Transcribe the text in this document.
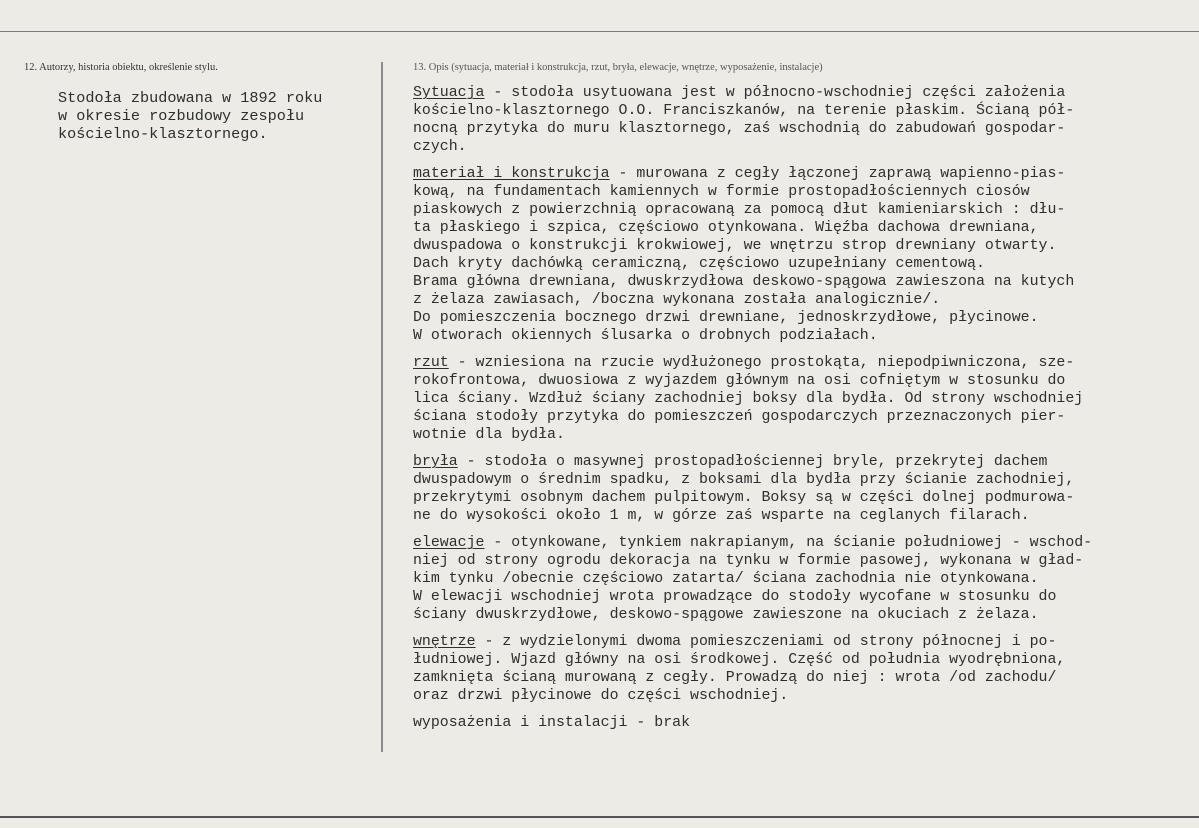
12. Autorzy, historia obiektu, określenie stylu.	13. Opis (sytuacja, materiał i konstrukcja, rzut, bryła, elewacje, wnętrze, wyposażenie, instalacje)
Stodoła zbudowana w 1892 roku
w okresie rozbudowy zespołu
kościelno-klasztornego.
Sytuacja - stodoła usytuowana jest w północno-wschodniej części założenia
kościelno-klasztornego O.O. Franciszkanów, na terenie płaskim. Ścianą pół-
nocną przytyka do muru klasztornego, zaś wschodnią do zabudowań gospodar-
czych.
materiał i konstrukcja - murowana z cegły łączonej zaprawą wapienno-pias-
kową, na fundamentach kamiennych w formie prostopadłościennych ciosów
piaskowych z powierzchnią opracowaną za pomocą dłut kamieniarskich : dłu-
ta płaskiego i szpica, częściowo otynkowana. Więźba dachowa drewniana,
dwuspadowa o konstrukcji krokwiowej, we wnętrzu strop drewniany otwarty.
Dach kryty dachówką ceramiczną, częściowo uzupełniany cementową.
Brama główna drewniana, dwuskrzydłowa deskowo-spągowa zawieszona na kutych
z żelaza zawiasach, /boczna wykonana została analogicznie/.
Do pomieszczenia bocznego drzwi drewniane, jednoskrzydłowe, płycinowe.
W otworach okiennych ślusarka o drobnych podziałach.
rzut - wzniesiona na rzucie wydłużonego prostokąta, niepodpiwniczona, sze-
rokofrontowa, dwuosiowa z wyjazdem głównym na osi cofniętym w stosunku do
lica ściany. Wzdłuż ściany zachodniej boksy dla bydła. Od strony wschodniej
ściana stodoły przytyka do pomieszczeń gospodarczych przeznaczonych pier-
wotnie dla bydła.
bryła - stodoła o masywnej prostopadłościennej bryle, przekrytej dachem
dwuspadowym o średnim spadku, z boksami dla bydła przy ścianie zachodniej,
przekrytymi osobnym dachem pulpitowym. Boksy są w części dolnej podmurowa-
ne do wysokości około 1 m, w górze zaś wsparte na ceglanych filarach.
elewacje - otynkowane, tynkiem nakrapianym, na ścianie południowej - wschod-
niej od strony ogrodu dekoracja na tynku w formie pasowej, wykonana w gład-
kim tynku /obecnie częściowo zatarta/ ściana zachodnia nie otynkowana.
W elewacji wschodniej wrota prowadzące do stodoły wycofane w stosunku do
ściany dwuskrzydłowe, deskowo-spągowe zawieszone na okuciach z żelaza.
wnętrze - z wydzielonymi dwoma pomieszczeniami od strony północnej i po-
łudniowej. Wjazd główny na osi środkowej. Część od południa wyodrębniona,
zamknięta ścianą murowaną z cegły. Prowadzą do niej : wrota /od zachodu/
oraz drzwi płycinowe do części wschodniej.
wyposażenia i instalacji - brak
